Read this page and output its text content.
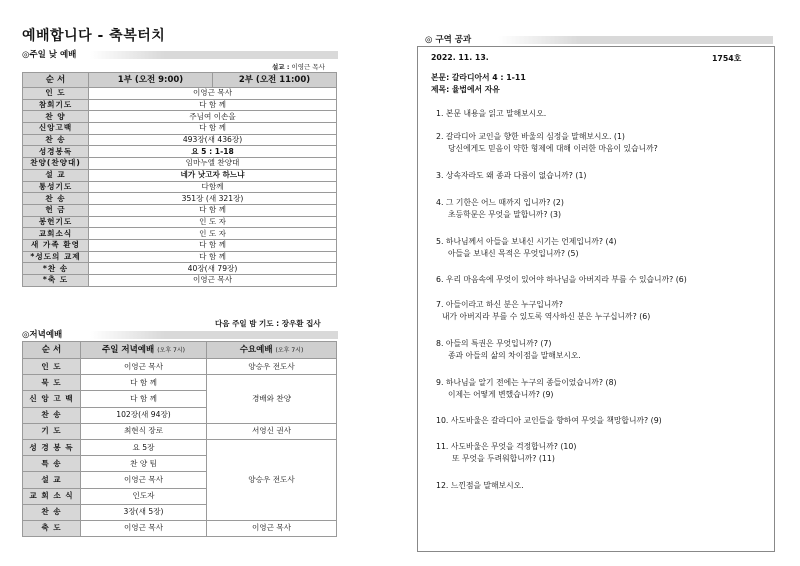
예배합니다 - 축복터치
◎주일 낮 예배
설교 : 이영근 목사
순 서	1부 (오전 9:00)	2부 (오전 11:00)
인 도	이영근 목사	
참회기도	다 함 께	
찬 양	주님여 이손을	
신앙고백	다 함 께	
찬 송	493장(새 436장)	
성경봉독	요 5 : 1-18	
찬양(찬양대)	임마누엘 찬양대	
설 교	네가 낫고자 하느냐	
통성기도	다함께	
찬 송	351장 (새 321장)	
헌 금	다 함 께	
봉헌기도	인 도 자	
교회소식	인 도 자	
새 가족 환영	다 함 께	
*성도의 교제	다 함 께	
*찬 송	40장(새 79장)	
*축 도	이영근 목사	
다음 주일 밤 기도 : 장우환 집사
◎저녁예배
순 서	주일 저녁예배 (오후 7시)	수요예배 (오후 7시)
인 도	이영근 목사	양승우 전도사
묵 도	다 함 께	경배와 찬양
신 앙 고 백	다 함 께	
찬 송	102장(새 94장)	
기 도	최현식 장로	서영신 권사
성 경 봉 독	요 5장	양승우 전도사
특 송	찬 양 팀	
설 교	이영근 목사	
교 회 소 식	인도자	
찬 송	3장(새 5장)	
축 도	이영근 목사	이영근 목사
◎ 구역 공과
2022. 11. 13.	1754호
본문: 갈라디아서 4 : 1-11
제목: 율법에서 자유
1. 본문 내용을 읽고 말해보시오.
2. 갈라디아 교인을 향한 바울의 심정을 말해보시오. (1)
당신에게도 믿음이 약한 형제에 대해 이러한 마음이 있습니까?
3. 상속자라도 왜 종과 다름이 없습니까? (1)
4. 그 기한은 어느 때까지 입니까? (2)
초등학문은 무엇을 말합니까? (3)
5. 하나님께서 아들을 보내신 시기는 언제입니까? (4)
아들을 보내신 목적은 무엇입니까? (5)
6. 우리 마음속에 무엇이 있어야 하나님을 아버지라 부를 수 있습니까? (6)
7. 아들이라고 하신 분은 누구입니까?
내가 아버지라 부를 수 있도록 역사하신 분은 누구십니까? (6)
8. 아들의 특권은 무엇입니까? (7)
종과 아들의 삶의 차이점을 말해보시오.
9. 하나님을 알기 전에는 누구의 종들이었습니까? (8)
이제는 어떻게 변했습니까? (9)
10. 사도바울은 갈라디아 교인들을 향하여 무엇을 책망합니까? (9)
11. 사도바울은 무엇을 걱정합니까? (10)
또 무엇을 두려워합니까? (11)
12. 느낀점을 말해보시오.
